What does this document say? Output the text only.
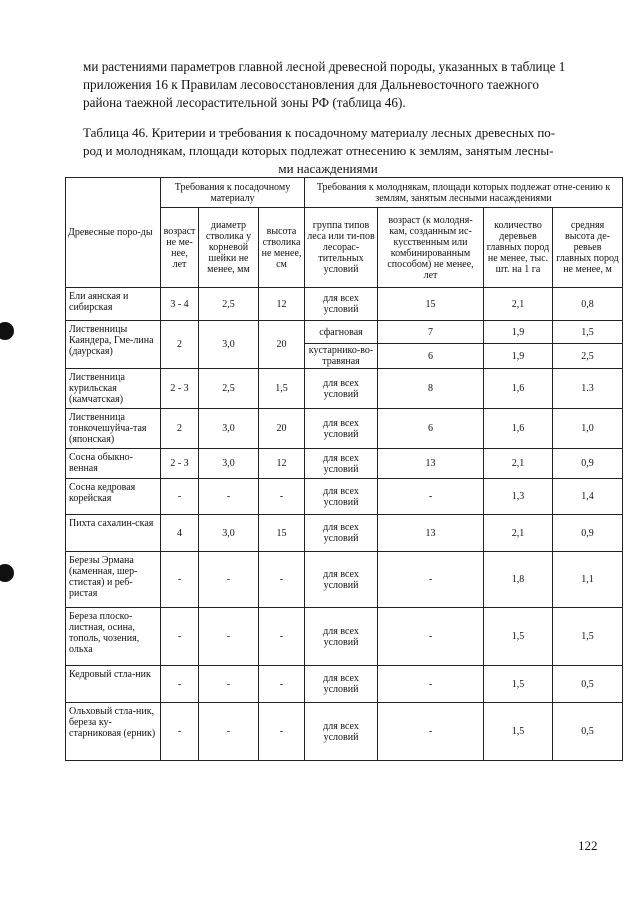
ми растениями параметров главной лесной древесной породы, указанных в таблице 1
приложения 16 к Правилам лесовосстановления для Дальневосточного таежного
района таежной лесорастительной зоны РФ (таблица 46).
Таблица 46. Критерии и требования к посадочному материалу лесных древесных по-
род и молоднякам, площади которых подлежат отнесению к землям, занятым лесны-
ми насаждениями
Древесные поро-ды	Требования к посадочному материалу			Требования к молоднякам, площади которых подлежат отне-сению к землям, занятым лесными насаждениями			
	возраст не ме-нее, лет	диаметр стволика у корневой шейки не менее, мм	высота стволика не менее, см	группа типов леса или ти-пов лесорас-тительных условий	возраст (к молодня-кам, созданным ис-кусственным или комбинированным способом) не менее, лет	количество деревьев главных пород не менее, тыс. шт. на 1 га	средняя высота де-ревьев главных пород не менее, м
Ели аянская и сибирская	3 - 4	2,5	12	для всех условий	15	2,1	0,8
Лиственницы Каяндера, Гме-лина (даурская)	2	3,0	20	сфагновая	7	1,9	1,5
				кустарнико-во-травяная	6	1,9	2,5
Лиственница курильская (камчатская)	2 - 3	2,5	1,5	для всех условий	8	1,6	1.3
Лиственница тонкочешуйча-тая (японская)	2	3,0	20	для всех условий	6	1,6	1,0
Сосна обыкно-венная	2 - 3	3,0	12	для всех условий	13	2,1	0,9
Сосна кедровая корейская	-	-	-	для всех условий	-	1,3	1,4
Пихта сахалин-ская	4	3,0	15	для всех условий	13	2,1	0,9
Березы Эрмана (каменная, шер-стистая) и реб-ристая	-	-	-	для всех условий	-	1,8	1,1
Береза плоско-листная, осина, тополь, чозения, ольха	-	-	-	для всех условий	-	1,5	1,5
Кедровый стла-ник	-	-	-	для всех условий	-	1,5	0,5
Ольховый стла-ник, береза ку-старниковая (ерник)	-	-	-	для всех условий	-	1,5	0,5
122
